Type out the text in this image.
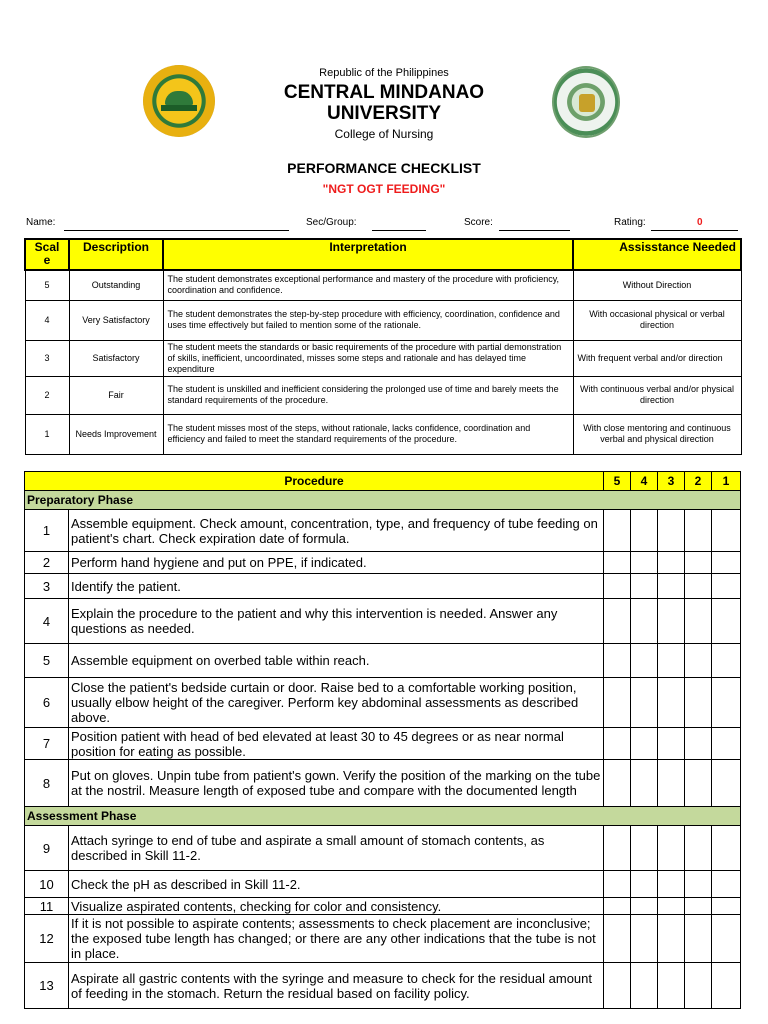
Republic of the Philippines
CENTRAL MINDANAO
UNIVERSITY
College of Nursing
PERFORMANCE CHECKLIST
"NGT OGT FEEDING"
Name:	Sec/Group:	Score:	Rating:	0
Scal e	Description	Interpretation	Assisstance Needed
5	Outstanding	The student demonstrates exceptional performance and mastery of the procedure with proficiency, coordination and confidence.	Without Direction
4	Very Satisfactory	The student demonstrates the step-by-step procedure with efficiency, coordination, confidence and uses time effectively but failed to mention some of the rationale.	With occasional physical or verbal direction
3	Satisfactory	The student meets the standards or basic requirements of the procedure with partial demonstration of skills, inefficient, uncoordinated, misses some steps and rationale and has delayed time expenditure	With frequent verbal and/or direction
2	Fair	The student is unskilled and inefficient considering the prolonged use of time and barely meets the standard requirements of the procedure.	With continuous verbal and/or physical direction
1	Needs Improvement	The student misses most of the steps, without rationale, lacks confidence, coordination and efficiency and failed to meet the standard requirements of the procedure.	With close mentoring and continuous verbal and physical direction
Procedure		5	4	3	2	1
Preparatory Phase						
1	Assemble equipment. Check amount, concentration, type, and frequency of tube feeding on patient's chart. Check expiration date of formula.					
2	Perform hand hygiene and put on PPE, if indicated.					
3	Identify the patient.					
4	Explain the procedure to the patient and why this intervention is needed. Answer any questions as needed.					
5	Assemble equipment on overbed table within reach.					
6	Close the patient's bedside curtain or door. Raise bed to a comfortable working position, usually elbow height of the caregiver. Perform key abdominal assessments as described above.					
7	Position patient with head of bed elevated at least 30 to 45 degrees or as near normal position for eating as possible.					
8	Put on gloves. Unpin tube from patient's gown. Verify the position of the marking on the tube at the nostril. Measure length of exposed tube and compare with the documented length					
Assessment Phase						
9	Attach syringe to end of tube and aspirate a small amount of stomach contents, as described in Skill 11-2.					
10	Check the pH as described in Skill 11-2.					
11	Visualize aspirated contents, checking for color and consistency.					
12	If it is not possible to aspirate contents; assessments to check placement are inconclusive; the exposed tube length has changed; or there are any other indications that the tube is not in place.					
13	Aspirate all gastric contents with the syringe and measure to check for the residual amount of feeding in the stomach. Return the residual based on facility policy.					
